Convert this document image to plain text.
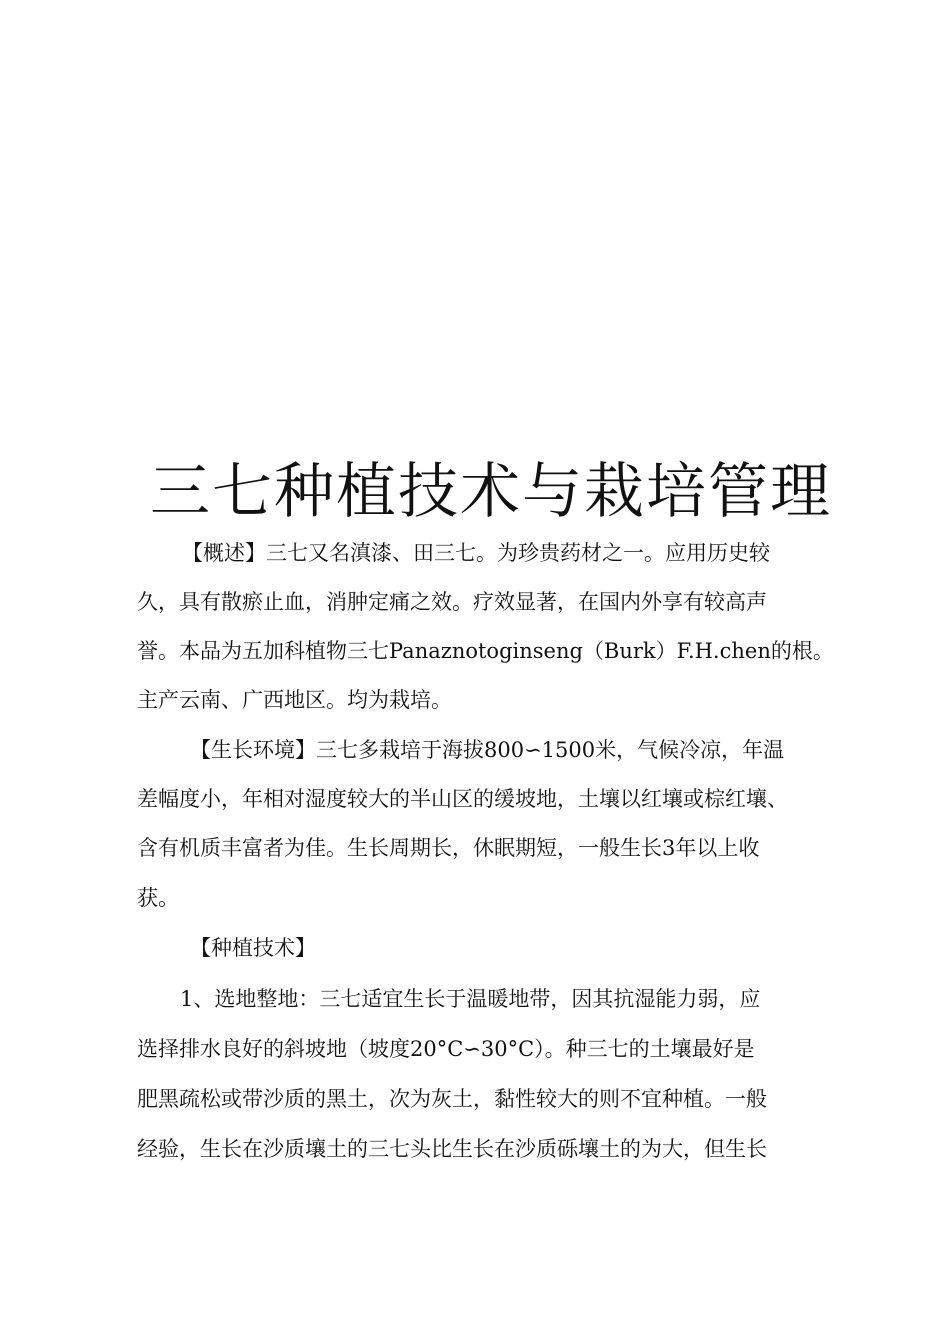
三七种植技术与栽培管理

【概述】三七又名滇漆、田三七。为珍贵药材之一。应用历史较

久，具有散瘀止血，消肿定痛之效。疗效显著，在国内外享有较高声

誉。本品为五加科植物三七Panaznotoginseng（Burk）F.H.chen的根。

主产云南、广西地区。均为栽培。

【生长环境】三七多栽培于海拔800∽1500米，气候冷凉，年温

差幅度小，年相对湿度较大的半山区的缓坡地，土壤以红壤或棕红壤、

含有机质丰富者为佳。生长周期长，休眠期短，一般生长3年以上收

获。

【种植技术】

1、选地整地：三七适宜生长于温暖地带，因其抗湿能力弱，应

选择排水良好的斜坡地（坡度20°C∽30°C）。种三七的土壤最好是

肥黑疏松或带沙质的黑土，次为灰土，黏性较大的则不宜种植。一般

经验，生长在沙质壤土的三七头比生长在沙质砾壤土的为大，但生长
